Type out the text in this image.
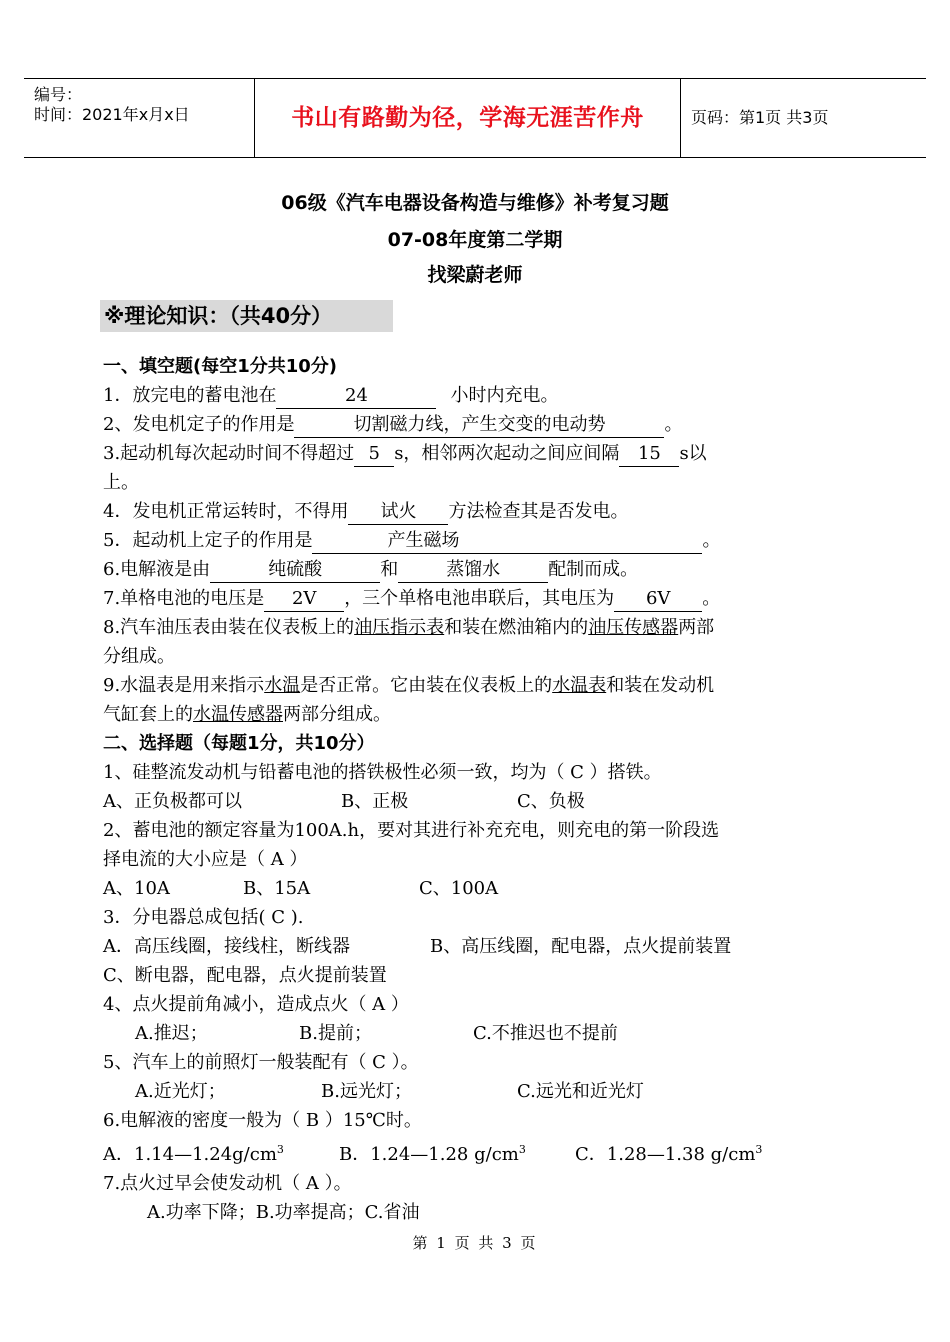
编号：
时间：2021年x月x日	书山有路勤为径，学海无涯苦作舟	页码：第1页 共3页
06级《汽车电器设备构造与维修》补考复习题
07-08年度第二学期
找梁蔚老师
※理论知识：（共40分）

一、填空题(每空1分共10分)

1．放完电的蓄电池在	24	小时内充电。

2、发电机定子的作用是	切割磁力线，产生交变的电动势	。

3.起动机每次起动时间不得超过 5 s，相邻两次起动之间应间隔 15 s以

上。

4．发电机正常运转时，不得用 试火 方法检查其是否发电。

5．起动机上定子的作用是	产生磁场	。

6.电解液是由	纯硫酸	和	蒸馏水	配制而成。

7.单格电池的电压是 2V ，三个单格电池串联后，其电压为 6V 。

8.汽车油压表由装在仪表板上的油压指示表和装在燃油箱内的油压传感器两部

分组成。

9.水温表是用来指示水温是否正常。它由装在仪表板上的水温表和装在发动机

气缸套上的水温传感器两部分组成。

二、选择题（每题1分，共10分）

1、硅整流发动机与铅蓄电池的搭铁极性必须一致，均为（ C ）搭铁。

A、正负极都可以	B、正极	C、负极

2、蓄电池的额定容量为100A.h，要对其进行补充充电，则充电的第一阶段选

择电流的大小应是（ A ）

A、10A	B、15A	C、100A

3．分电器总成包括( C ).

A．高压线圈，接线柱，断线器	B、高压线圈，配电器，点火提前装置

C、断电器，配电器，点火提前装置

4、点火提前角减小，造成点火（ A ）

A.推迟；	B.提前；	C.不推迟也不提前

5、汽车上的前照灯一般装配有（ C ）。

A.近光灯；	B.远光灯；	C.远光和近光灯

6.电解液的密度一般为（ B ）15℃时。

A．$1.14—1.24g/cm^3$	B．1.24—1.28 $g/cm^3$	C．1.28—1.38 $g/cm^3$

7.点火过早会使发动机（ A ）。

A.功率下降；B.功率提高；C.省油

第 1 页 共 3 页
